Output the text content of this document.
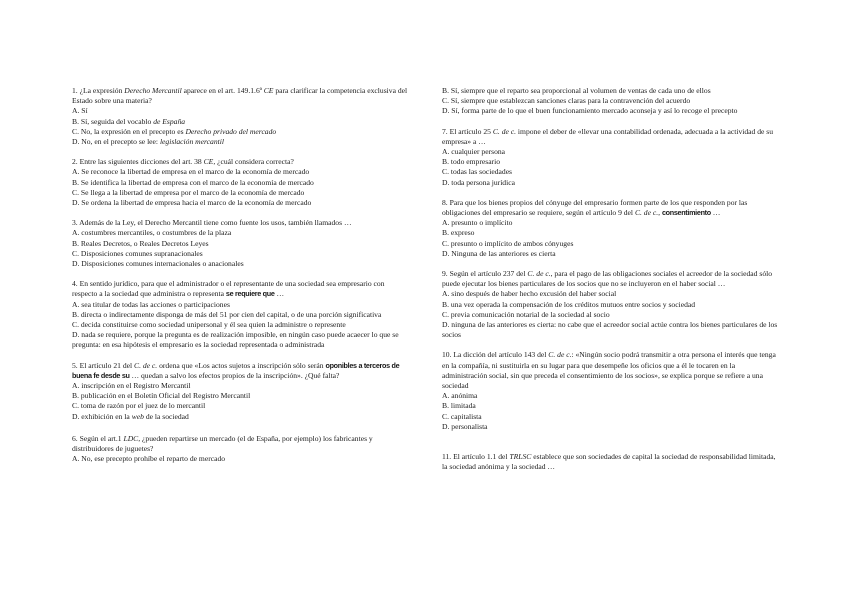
1. ¿La expresión Derecho Mercantil aparece en el art. 149.1.6ª CE para clarificar la competencia exclusiva del Estado sobre una materia?

A. Sí

B. Sí, seguida del vocablo de España

C. No, la expresión en el precepto es Derecho privado del mercado

D. No, en el precepto se lee: legislación mercantil

2. Entre las siguientes dicciones del art. 38 CE, ¿cuál considera correcta?

A. Se reconoce la libertad de empresa en el marco de la economía de mercado

B. Se identifica la libertad de empresa con el marco de la economía de mercado

C. Se llega a la libertad de empresa por el marco de la economía de mercado

D. Se ordena la libertad de empresa hacia el marco de la economía de mercado

3. Además de la Ley, el Derecho Mercantil tiene como fuente los usos, también llamados …

A. costumbres mercantiles, o costumbres de la plaza

B. Reales Decretos, o Reales Decretos Leyes

C. Disposiciones comunes supranacionales

D. Disposiciones comunes internacionales o anacionales

4. En sentido jurídico, para que el administrador o el representante de una sociedad sea empresario con respecto a la sociedad que administra o representa se requiere que …

A. sea titular de todas las acciones o participaciones

B. directa o indirectamente disponga de más del 51 por cien del capital, o de una porción significativa

C. decida constituirse como sociedad unipersonal y él sea quien la administre o represente

D. nada se requiere, porque la pregunta es de realización imposible, en ningún caso puede acaecer lo que se pregunta: en esa hipótesis el empresario es la sociedad representada o administrada

5. El artículo 21 del C. de c. ordena que «Los actos sujetos a inscripción sólo serán oponibles a terceros de buena fe desde su … quedan a salvo los efectos propios de la inscripción». ¿Qué falta?

A. inscripción en el Registro Mercantil

B. publicación en el Boletín Oficial del Registro Mercantil

C. toma de razón por el juez de lo mercantil

D. exhibición en la web de la sociedad

6. Según el art.1 LDC, ¿pueden repartirse un mercado (el de España, por ejemplo) los fabricantes y distribuidores de juguetes?

A. No, ese precepto prohíbe el reparto de mercado

B. Sí, siempre que el reparto sea proporcional al volumen de ventas de cada uno de ellos

C. Sí, siempre que establezcan sanciones claras para la contravención del acuerdo

D. Sí, forma parte de lo que el buen funcionamiento mercado aconseja y así lo recoge el precepto

7. El artículo 25 C. de c. impone el deber de «llevar una contabilidad ordenada, adecuada a la actividad de su empresa» a …

A. cualquier persona

B. todo empresario

C. todas las sociedades

D. toda persona jurídica

8. Para que los bienes propios del cónyuge del empresario formen parte de los que responden por las obligaciones del empresario se requiere, según el artículo 9 del C. de c., consentimiento …

A. presunto o implícito

B. expreso

C. presunto o implícito de ambos cónyuges

D. Ninguna de las anteriores es cierta

9. Según el artículo 237 del C. de c., para el pago de las obligaciones sociales el acreedor de la sociedad sólo puede ejecutar los bienes particulares de los socios que no se incluyeron en el haber social …

A. sino después de haber hecho excusión del haber social

B. una vez operada la compensación de los créditos mutuos entre socios y sociedad

C. previa comunicación notarial de la sociedad al socio

D. ninguna de las anteriores es cierta: no cabe que el acreedor social actúe contra los bienes particulares de los socios

10. La dicción del artículo 143 del C. de c.: «Ningún socio podrá transmitir a otra persona el interés que tenga en la compañía, ni sustituirla en su lugar para que desempeñe los oficios que a él le tocaren en la administración social, sin que preceda el consentimiento de los socios», se explica porque se refiere a una sociedad

A. anónima

B. limitada

C. capitalista

D. personalista

11. El artículo 1.1 del TRLSC establece que son sociedades de capital la sociedad de responsabilidad limitada, la sociedad anónima y la sociedad …
